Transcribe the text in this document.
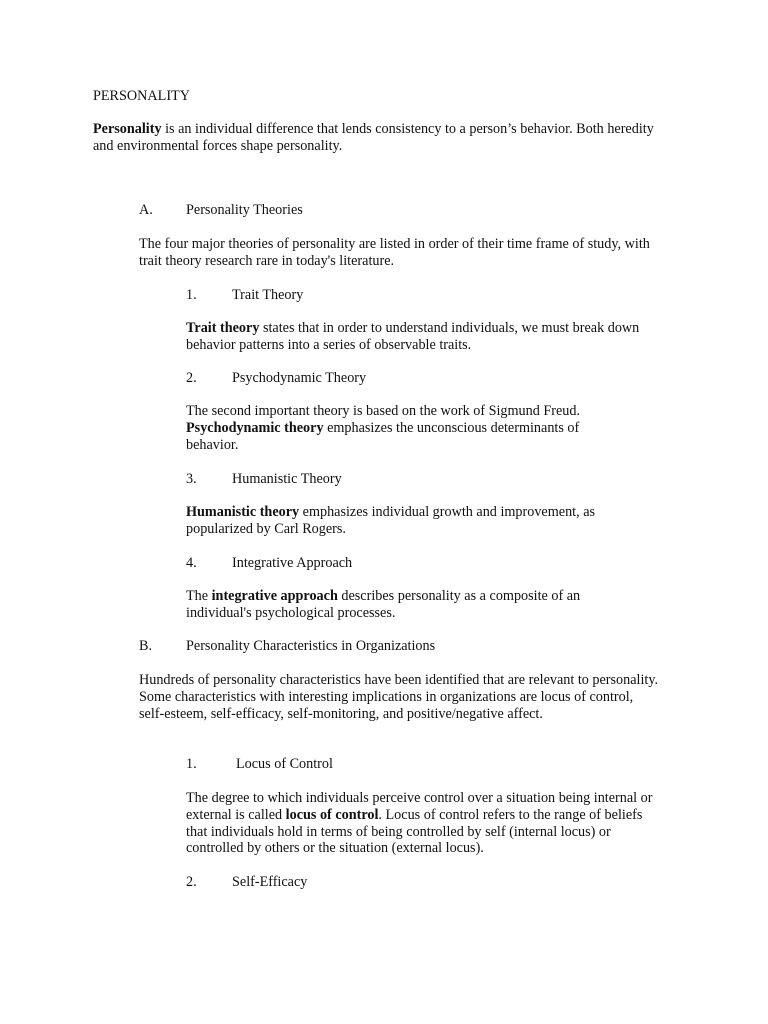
PERSONALITY

Personality is an individual difference that lends consistency to a person’s behavior. Both heredity and environmental forces shape personality.

A.	Personality Theories

The four major theories of personality are listed in order of their time frame of study, with trait theory research rare in today's literature.

1.	Trait Theory

Trait theory states that in order to understand individuals, we must break down behavior patterns into a series of observable traits.

2.	Psychodynamic Theory

The second important theory is based on the work of Sigmund Freud. Psychodynamic theory emphasizes the unconscious determinants of behavior.

3.	Humanistic Theory

Humanistic theory emphasizes individual growth and improvement, as popularized by Carl Rogers.

4.	Integrative Approach

The integrative approach describes personality as a composite of an individual's psychological processes.

B.	Personality Characteristics in Organizations

Hundreds of personality characteristics have been identified that are relevant to personality. Some characteristics with interesting implications in organizations are locus of control, self-esteem, self-efficacy, self-monitoring, and positive/negative affect.

1.	Locus of Control

The degree to which individuals perceive control over a situation being internal or external is called locus of control. Locus of control refers to the range of beliefs that individuals hold in terms of being controlled by self (internal locus) or controlled by others or the situation (external locus).

2.	Self-Efficacy
